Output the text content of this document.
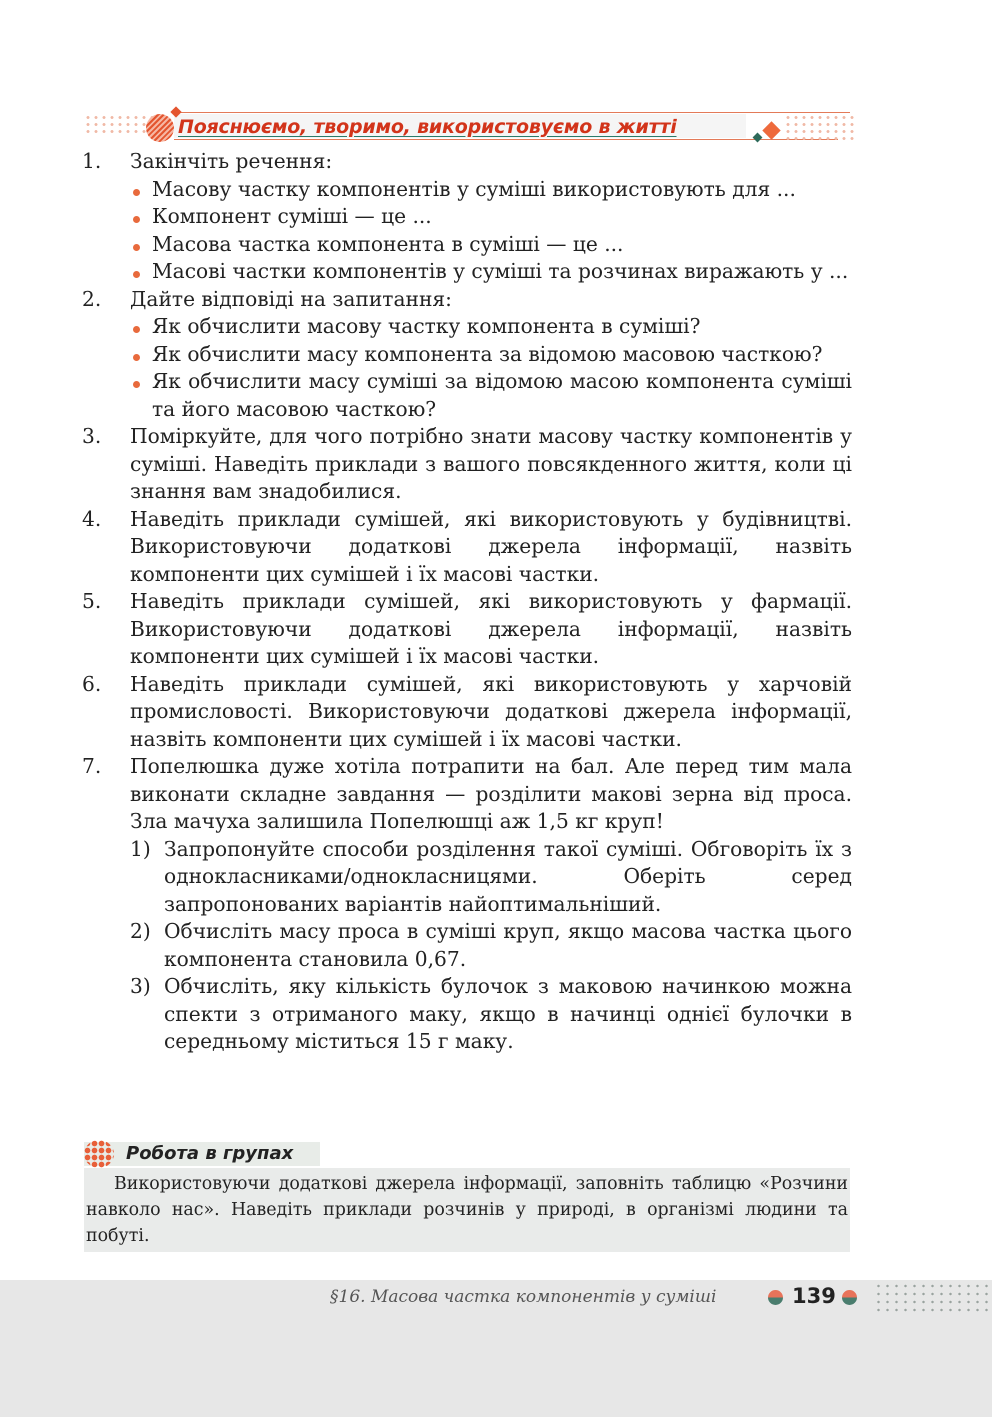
Пояснюємо, творимо, використовуємо в житті
1. Закінчіть речення:
Масову частку компонентів у суміші використовують для ...
Компонент суміші — це ...
Масова частка компонента в суміші — це ...
Масові частки компонентів у суміші та розчинах виражають у ...
2. Дайте відповіді на запитання:
Як обчислити масову частку компонента в суміші?
Як обчислити масу компонента за відомою масовою часткою?
Як обчислити масу суміші за відомою масою компонента суміші та його масовою часткою?
3. Поміркуйте, для чого потрібно знати масову частку компонентів у суміші. Наведіть приклади з вашого повсякденного життя, коли ці знання вам знадобилися.
4. Наведіть приклади сумішей, які використовують у будівництві. Використовуючи додаткові джерела інформації, назвіть компоненти цих сумішей і їх масові частки.
5. Наведіть приклади сумішей, які використовують у фармації. Використовуючи додаткові джерела інформації, назвіть компоненти цих сумішей і їх масові частки.
6. Наведіть приклади сумішей, які використовують у харчовій промисловості. Використовуючи додаткові джерела інформації, назвіть компоненти цих сумішей і їх масові частки.
7. Попелюшка дуже хотіла потрапити на бал. Але перед тим мала виконати складне завдання — розділити макові зерна від проса. Зла мачуха залишила Попелюшці аж 1,5 кг круп!
1) Запропонуйте способи розділення такої суміші. Обговоріть їх з однокласниками/однокласницями. Оберіть серед запропонованих варіантів найоптимальніший.
2) Обчисліть масу проса в суміші круп, якщо масова частка цього компонента становила 0,67.
3) Обчисліть, яку кількість булочок з маковою начинкою можна спекти з отриманого маку, якщо в начинці однієї булочки в середньому міститься 15 г маку.
Робота в групах
Використовуючи додаткові джерела інформації, заповніть таблицю «Розчини навколо нас». Наведіть приклади розчинів у природі, в організмі людини та побуті.
§16. Масова частка компонентів у суміші	139
